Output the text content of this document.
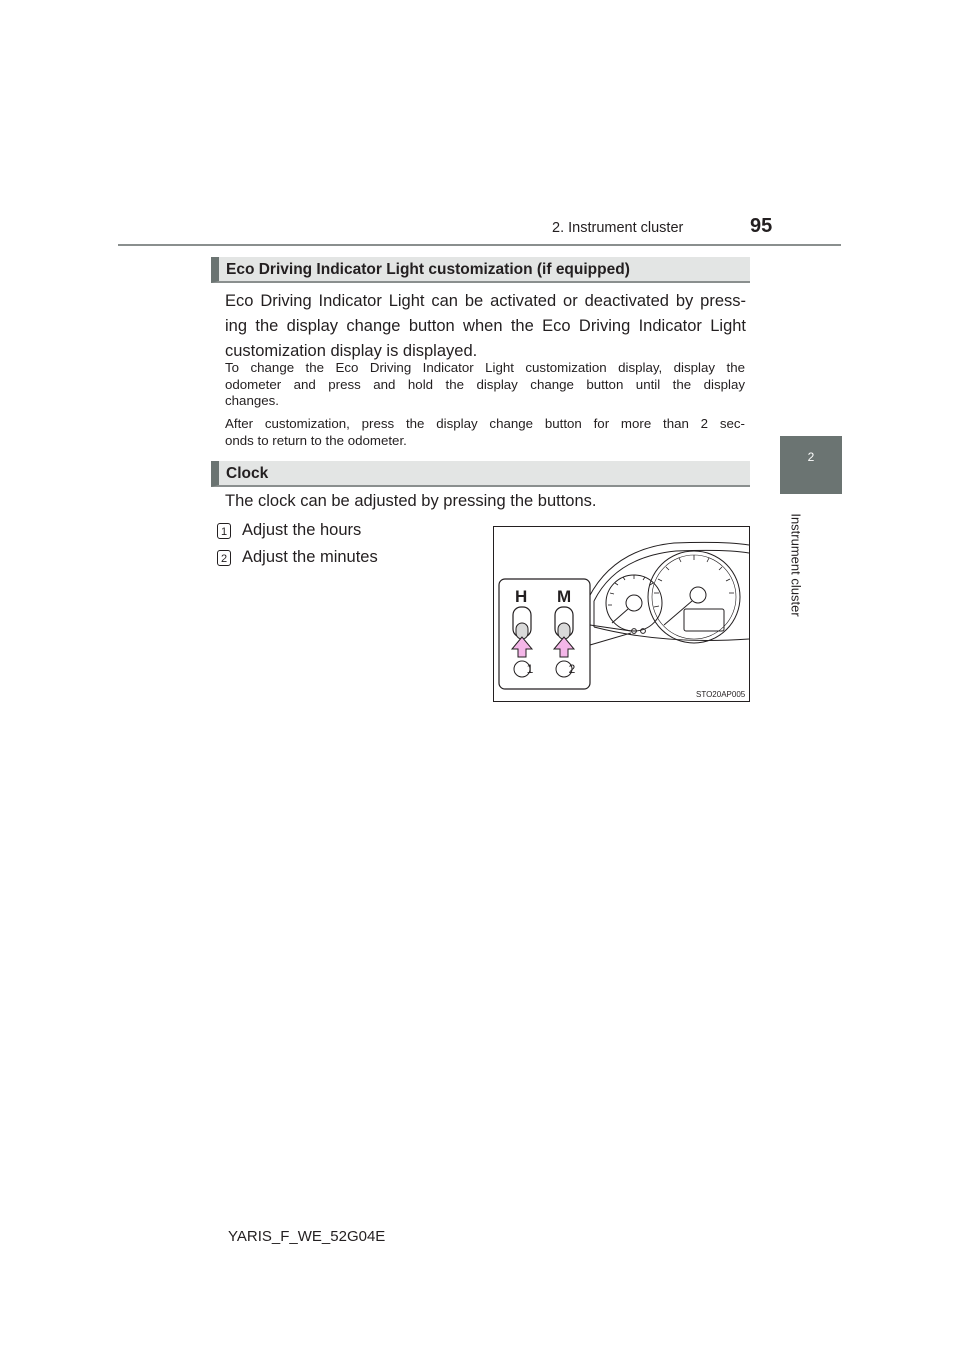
2. Instrument cluster	95
2
Instrument cluster
Eco Driving Indicator Light customization (if equipped)
Eco Driving Indicator Light can be activated or deactivated by press-
ing the display change button when the Eco Driving Indicator Light
customization display is displayed.
To change the Eco Driving Indicator Light customization display, display the
odometer and press and hold the display change button until the display
changes.
After customization, press the display change button for more than 2 sec-
onds to return to the odometer.
Clock
The clock can be adjusted by pressing the buttons.
1 Adjust the hours
2 Adjust the minutes
H M
1	2
STO20AP005
YARIS_F_WE_52G04E
